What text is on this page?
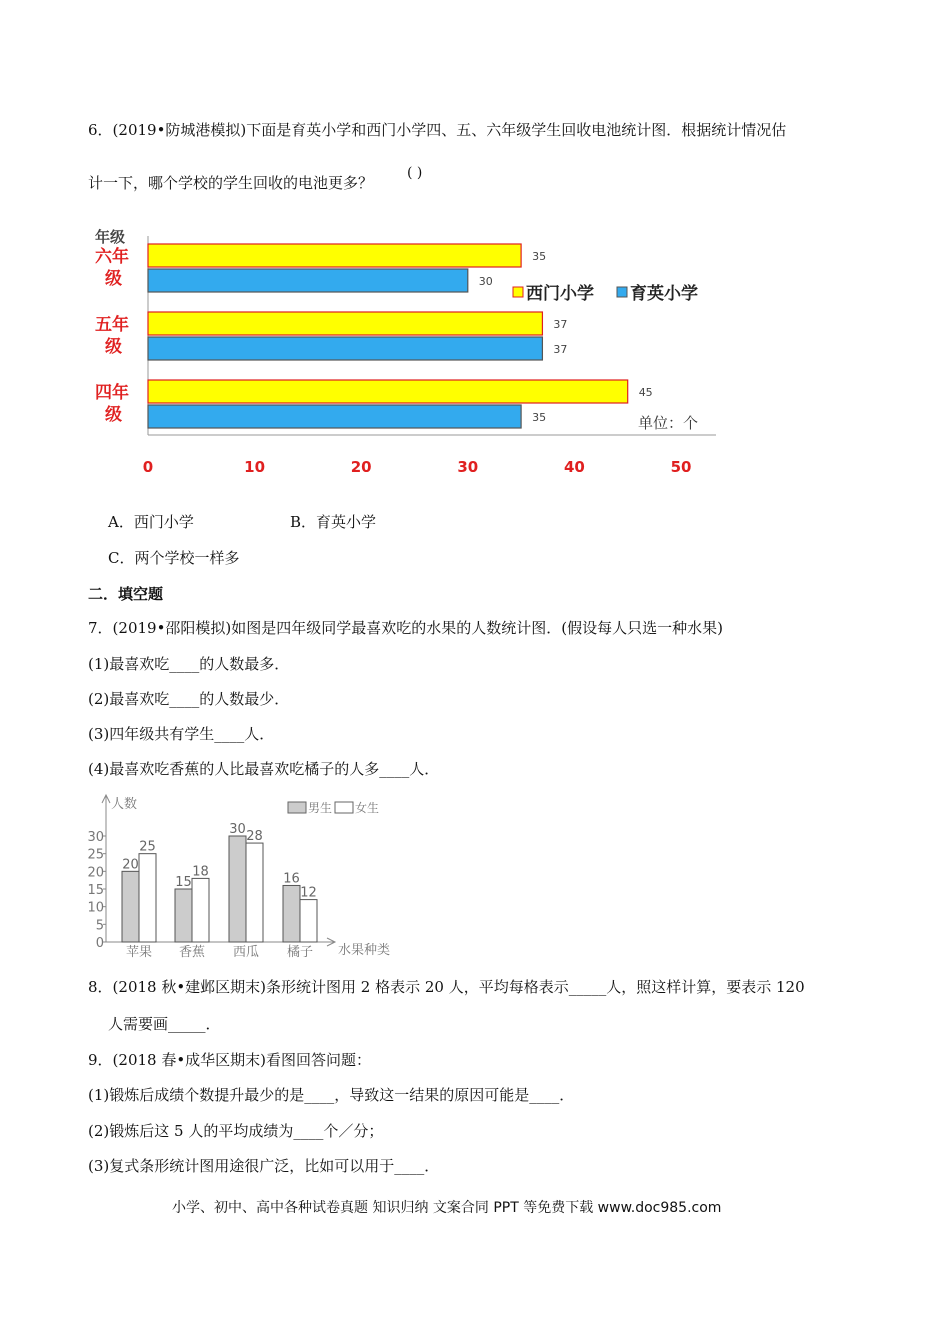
6．(2019•防城港模拟)下面是育英小学和西门小学四、五、六年级学生回收电池统计图．根据统计情况估
计一下，哪个学校的学生回收的电池更多？
( )
年级
六年
级
35
30
五年
级
37
37
四年
级
45
35
0	10	20	30	40	50
西门小学 育英小学
单位：个
A．西门小学	B．育英小学
C．两个学校一样多
二．填空题
7．(2019•邵阳模拟)如图是四年级同学最喜欢吃的水果的人数统计图．(假设每人只选一种水果)
(1)最喜欢吃____的人数最多．
(2)最喜欢吃____的人数最少．
(3)四年级共有学生____人．
(4)最喜欢吃香蕉的人比最喜欢吃橘子的人多____人．
人数
水果种类
0
5
10
15
20
25
30
男生 女生
20
25
苹果
15
18
香蕉
30 28
西瓜
16
12
橘子
8．(2018 秋•建邺区期末)条形统计图用 2 格表示 20 人，平均每格表示_____人，照这样计算，要表示 120
人需要画_____．
9．(2018 春•成华区期末)看图回答问题：
(1)锻炼后成绩个数提升最少的是____，导致这一结果的原因可能是____．
(2)锻炼后这 5 人的平均成绩为____个／分；
(3)复式条形统计图用途很广泛，比如可以用于____．
小学、初中、高中各种试卷真题 知识归纳 文案合同 PPT 等免费下载 www.doc985.com
